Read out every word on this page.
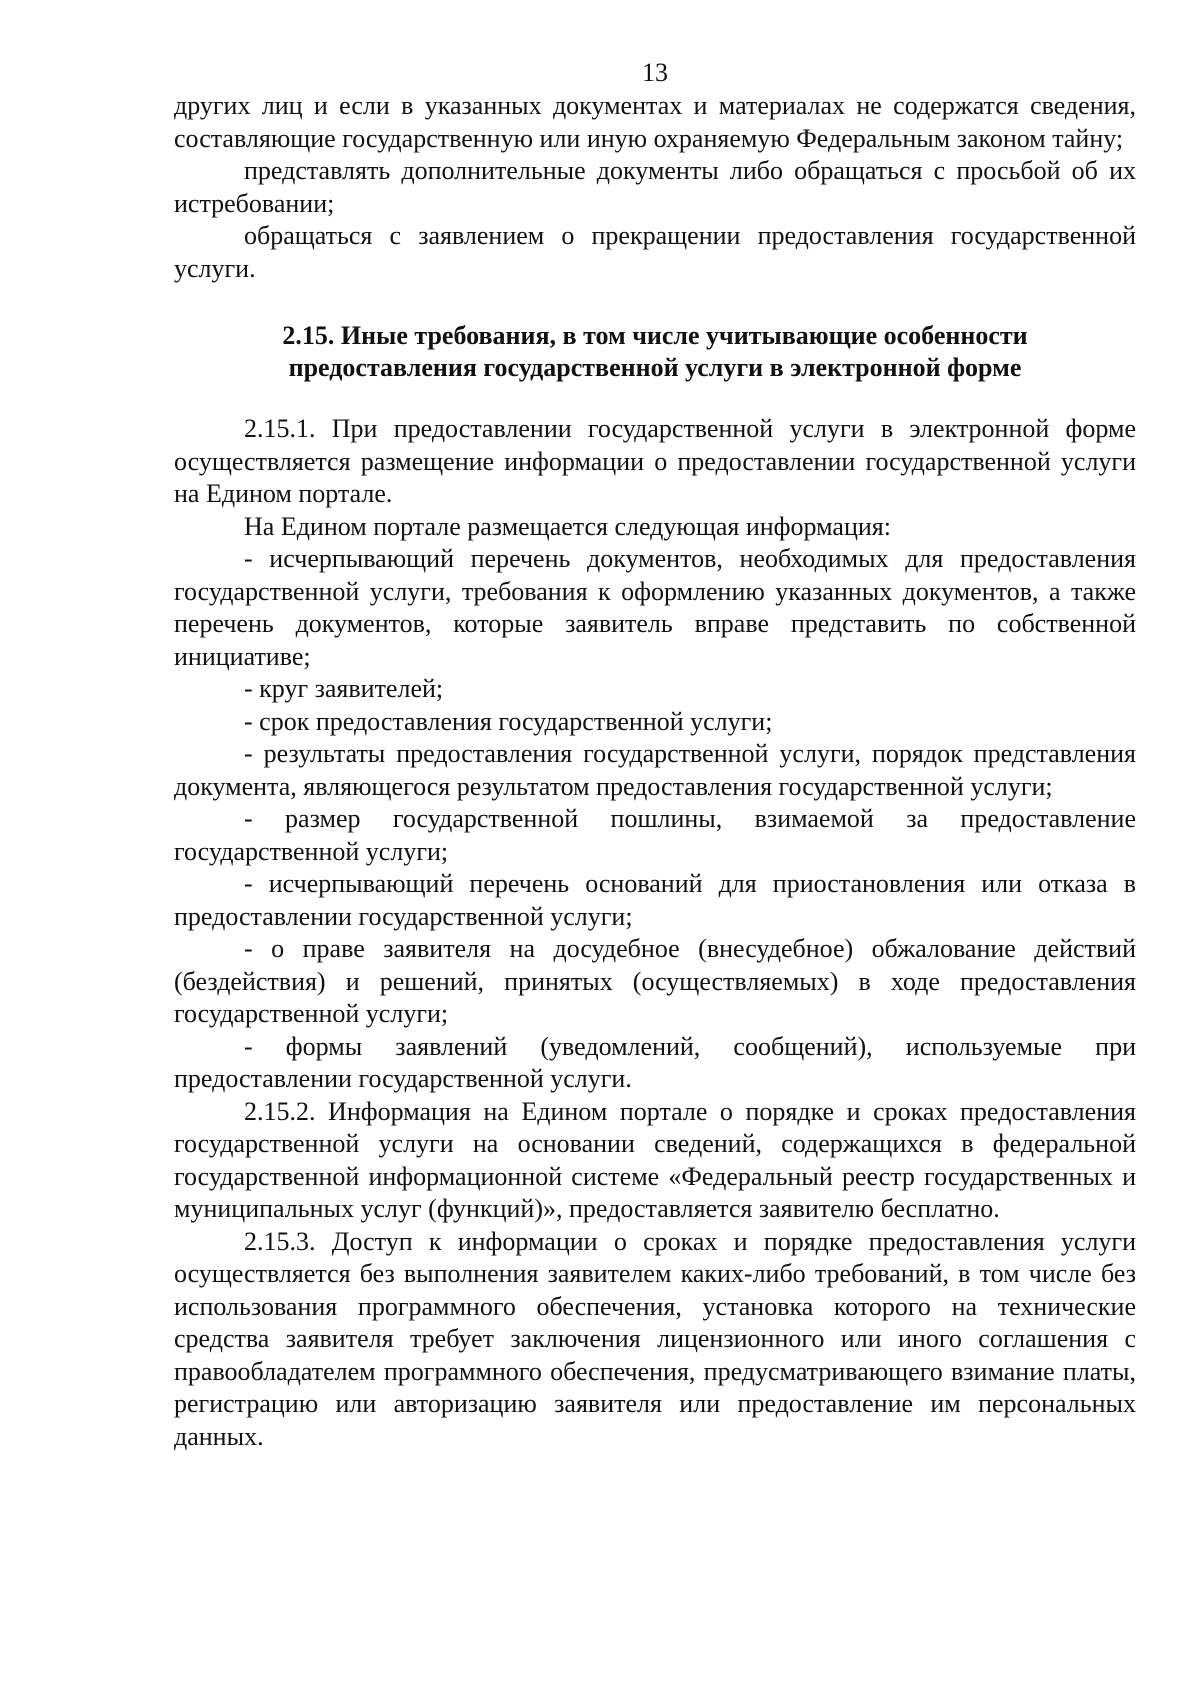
13

других лиц и если в указанных документах и материалах не содержатся сведения, составляющие государственную или иную охраняемую Федеральным законом тайну;

представлять дополнительные документы либо обращаться с просьбой об их истребовании;

обращаться с заявлением о прекращении предоставления государственной услуги.

2.15. Иные требования, в том числе учитывающие особенности
предоставления государственной услуги в электронной форме

2.15.1. При предоставлении государственной услуги в электронной форме осуществляется размещение информации о предоставлении государственной услуги на Едином портале.

На Едином портале размещается следующая информация:

- исчерпывающий перечень документов, необходимых для предоставления государственной услуги, требования к оформлению указанных документов, а также перечень документов, которые заявитель вправе представить по собственной инициативе;

- круг заявителей;

- срок предоставления государственной услуги;

- результаты предоставления государственной услуги, порядок представления документа, являющегося результатом предоставления государственной услуги;

- размер государственной пошлины, взимаемой за предоставление государственной услуги;

- исчерпывающий перечень оснований для приостановления или отказа в предоставлении государственной услуги;

- о праве заявителя на досудебное (внесудебное) обжалование действий (бездействия) и решений, принятых (осуществляемых) в ходе предоставления государственной услуги;

- формы заявлений (уведомлений, сообщений), используемые при предоставлении государственной услуги.

2.15.2. Информация на Едином портале о порядке и сроках предоставления государственной услуги на основании сведений, содержащихся в федеральной государственной информационной системе «Федеральный реестр государственных и муниципальных услуг (функций)», предоставляется заявителю бесплатно.

2.15.3. Доступ к информации о сроках и порядке предоставления услуги осуществляется без выполнения заявителем каких-либо требований, в том числе без использования программного обеспечения, установка которого на технические средства заявителя требует заключения лицензионного или иного соглашения с правообладателем программного обеспечения, предусматривающего взимание платы, регистрацию или авторизацию заявителя или предоставление им персональных данных.
